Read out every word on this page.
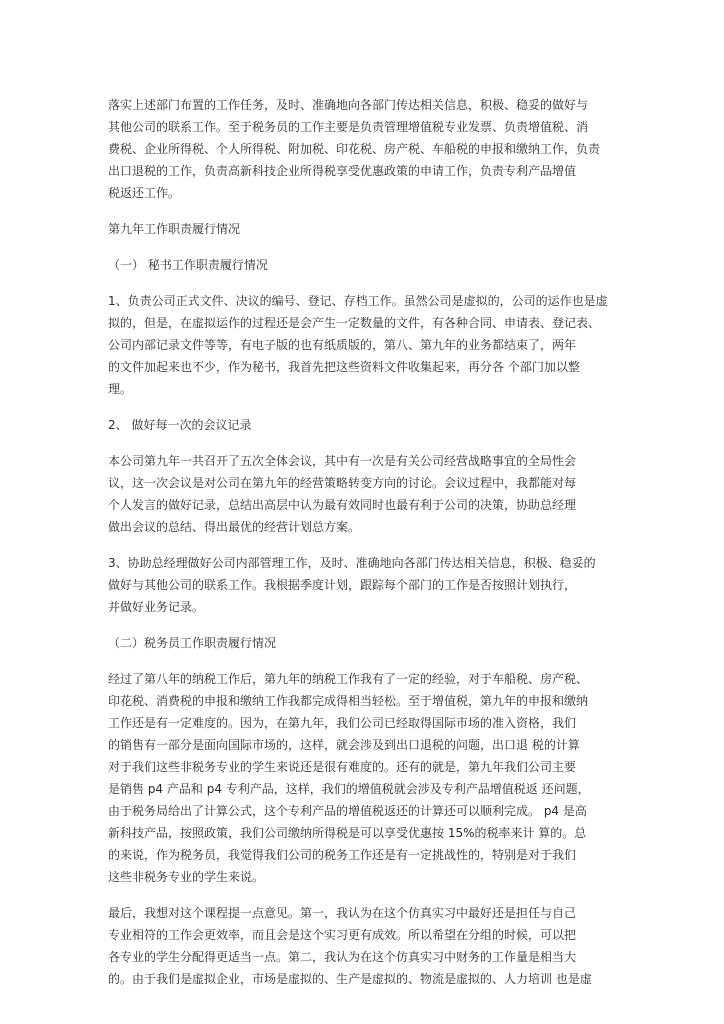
落实上述部门布置的工作任务，及时、准确地向各部门传达相关信息，积极、稳妥的做好与
其他公司的联系工作。至于税务员的工作主要是负责管理增值税专业发票、负责增值税、消
费税、企业所得税、个人所得税、附加税、印花税、房产税、车船税的申报和缴纳工作，负责
出口退税的工作，负责高新科技企业所得税享受优惠政策的申请工作，负责专利产品增值
税返还工作。

第九年工作职责履行情况

（一） 秘书工作职责履行情况

1、负责公司正式文件、决议的编号、登记、存档工作。虽然公司是虚拟的，公司的运作也是虚
拟的，但是，在虚拟运作的过程还是会产生一定数量的文件，有各种合同、申请表、登记表、
公司内部记录文件等等，有电子版的也有纸质版的，第八、第九年的业务都结束了，两年
的文件加起来也不少，作为秘书，我首先把这些资料文件收集起来，再分各 个部门加以整
理。

2、 做好每一次的会议记录

本公司第九年一共召开了五次全体会议，其中有一次是有关公司经营战略事宜的全局性会
议，这一次会议是对公司在第九年的经营策略转变方向的讨论。会议过程中，我都能对每
个人发言的做好记录，总结出高层中认为最有效同时也最有利于公司的决策，协助总经理
做出会议的总结、得出最优的经营计划总方案。

3、协助总经理做好公司内部管理工作，及时、准确地向各部门传达相关信息，积极、稳妥的
做好与其他公司的联系工作。我根据季度计划，跟踪每个部门的工作是否按照计划执行，
并做好业务记录。

（二）税务员工作职责履行情况

经过了第八年的纳税工作后，第九年的纳税工作我有了一定的经验，对于车船税、房产税、
印花税、消费税的申报和缴纳工作我都完成得相当轻松。至于增值税，第九年的申报和缴纳
工作还是有一定难度的。因为，在第九年，我们公司已经取得国际市场的准入资格，我们
的销售有一部分是面向国际市场的，这样，就会涉及到出口退税的问题，出口退 税的计算
对于我们这些非税务专业的学生来说还是很有难度的。还有的就是，第九年我们公司主要
是销售 p4 产品和 p4 专利产品，这样，我们的增值税就会涉及专利产品增值税返 还问题，
由于税务局给出了计算公式，这个专利产品的增值税返还的计算还可以顺利完成。 p4 是高
新科技产品，按照政策，我们公司缴纳所得税是可以享受优惠按 15%的税率来计 算的。总
的来说，作为税务员，我觉得我们公司的税务工作还是有一定挑战性的，特别是对于我们
这些非税务专业的学生来说。

最后，我想对这个课程提一点意见。第一，我认为在这个仿真实习中最好还是担任与自己
专业相符的工作会更效率，而且会是这个实习更有成效。所以希望在分组的时候，可以把
各专业的学生分配得更适当一点。第二，我认为在这个仿真实习中财务的工作量是相当大
的。由于我们是虚拟企业，市场是虚拟的、生产是虚拟的、物流是虚拟的、人力培训 也是虚
